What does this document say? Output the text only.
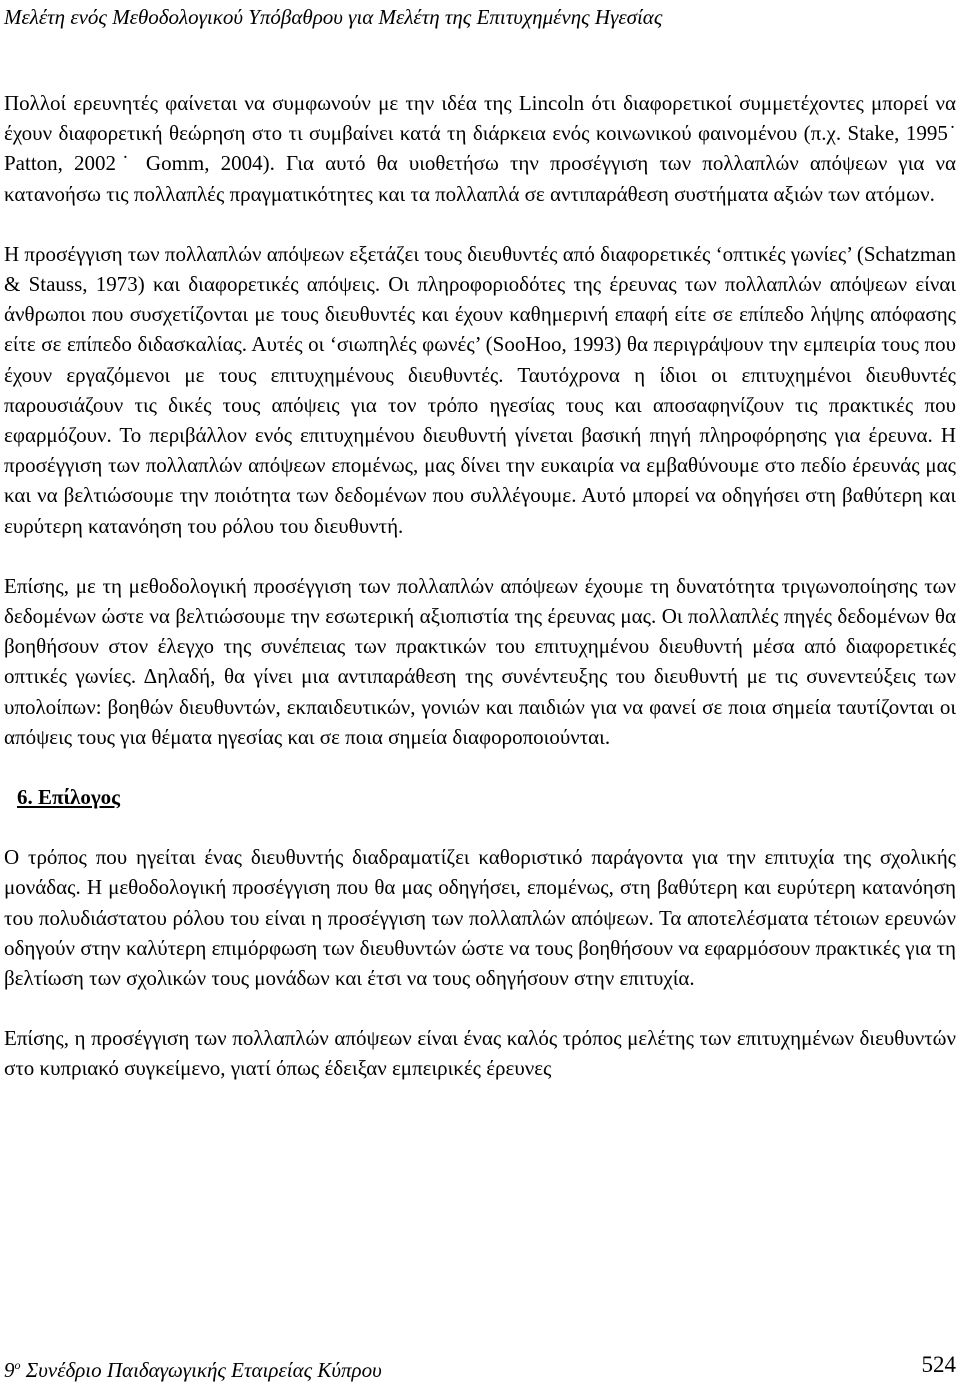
Μελέτη ενός Μεθοδολογικού Υπόβαθρου για Μελέτη της Επιτυχημένης Ηγεσίας

Πολλοί ερευνητές φαίνεται να συμφωνούν με την ιδέα της Lincoln ότι διαφορετικοί συμμετέχοντες μπορεί να έχουν διαφορετική θεώρηση στο τι συμβαίνει κατά τη διάρκεια ενός κοινωνικού φαινομένου (π.χ. Stake, 1995˙ Patton, 2002˙ Gomm, 2004). Για αυτό θα υιοθετήσω την προσέγγιση των πολλαπλών απόψεων για να κατανοήσω τις πολλαπλές πραγματικότητες και τα πολλαπλά σε αντιπαράθεση συστήματα αξιών των ατόμων.

Η προσέγγιση των πολλαπλών απόψεων εξετάζει τους διευθυντές από διαφορετικές ‘οπτικές γωνίες’ (Schatzman & Stauss, 1973) και διαφορετικές απόψεις. Οι πληροφοριοδότες της έρευνας των πολλαπλών απόψεων είναι άνθρωποι που συσχετίζονται με τους διευθυντές και έχουν καθημερινή επαφή είτε σε επίπεδο λήψης απόφασης είτε σε επίπεδο διδασκαλίας. Αυτές οι ‘σιωπηλές φωνές’ (SooHoo, 1993) θα περιγράψουν την εμπειρία τους που έχουν εργαζόμενοι με τους επιτυχημένους διευθυντές. Ταυτόχρονα η ίδιοι οι επιτυχημένοι διευθυντές παρουσιάζουν τις δικές τους απόψεις για τον τρόπο ηγεσίας τους και αποσαφηνίζουν τις πρακτικές που εφαρμόζουν. Το περιβάλλον ενός επιτυχημένου διευθυντή γίνεται βασική πηγή πληροφόρησης για έρευνα. Η προσέγγιση των πολλαπλών απόψεων επομένως, μας δίνει την ευκαιρία να εμβαθύνουμε στο πεδίο έρευνάς μας και να βελτιώσουμε την ποιότητα των δεδομένων που συλλέγουμε. Αυτό μπορεί να οδηγήσει στη βαθύτερη και ευρύτερη κατανόηση του ρόλου του διευθυντή.

Επίσης, με τη μεθοδολογική προσέγγιση των πολλαπλών απόψεων έχουμε τη δυνατότητα τριγωνοποίησης των δεδομένων ώστε να βελτιώσουμε την εσωτερική αξιοπιστία της έρευνας μας. Οι πολλαπλές πηγές δεδομένων θα βοηθήσουν στον έλεγχο της συνέπειας των πρακτικών του επιτυχημένου διευθυντή μέσα από διαφορετικές οπτικές γωνίες. Δηλαδή, θα γίνει μια αντιπαράθεση της συνέντευξης του διευθυντή με τις συνεντεύξεις των υπολοίπων: βοηθών διευθυντών, εκπαιδευτικών, γονιών και παιδιών για να φανεί σε ποια σημεία ταυτίζονται οι απόψεις τους για θέματα ηγεσίας και σε ποια σημεία διαφοροποιούνται.

6. Επίλογος

Ο τρόπος που ηγείται ένας διευθυντής διαδραματίζει καθοριστικό παράγοντα για την επιτυχία της σχολικής μονάδας. Η μεθοδολογική προσέγγιση που θα μας οδηγήσει, επομένως, στη βαθύτερη και ευρύτερη κατανόηση του πολυδιάστατου ρόλου του είναι η προσέγγιση των πολλαπλών απόψεων. Τα αποτελέσματα τέτοιων ερευνών οδηγούν στην καλύτερη επιμόρφωση των διευθυντών ώστε να τους βοηθήσουν να εφαρμόσουν πρακτικές για τη βελτίωση των σχολικών τους μονάδων και έτσι να τους οδηγήσουν στην επιτυχία.

Επίσης, η προσέγγιση των πολλαπλών απόψεων είναι ένας καλός τρόπος μελέτης των επιτυχημένων διευθυντών στο κυπριακό συγκείμενο, γιατί όπως έδειξαν εμπειρικές έρευνες

$9^o$ Συνέδριο Παιδαγωγικής Εταιρείας Κύπρου	524
